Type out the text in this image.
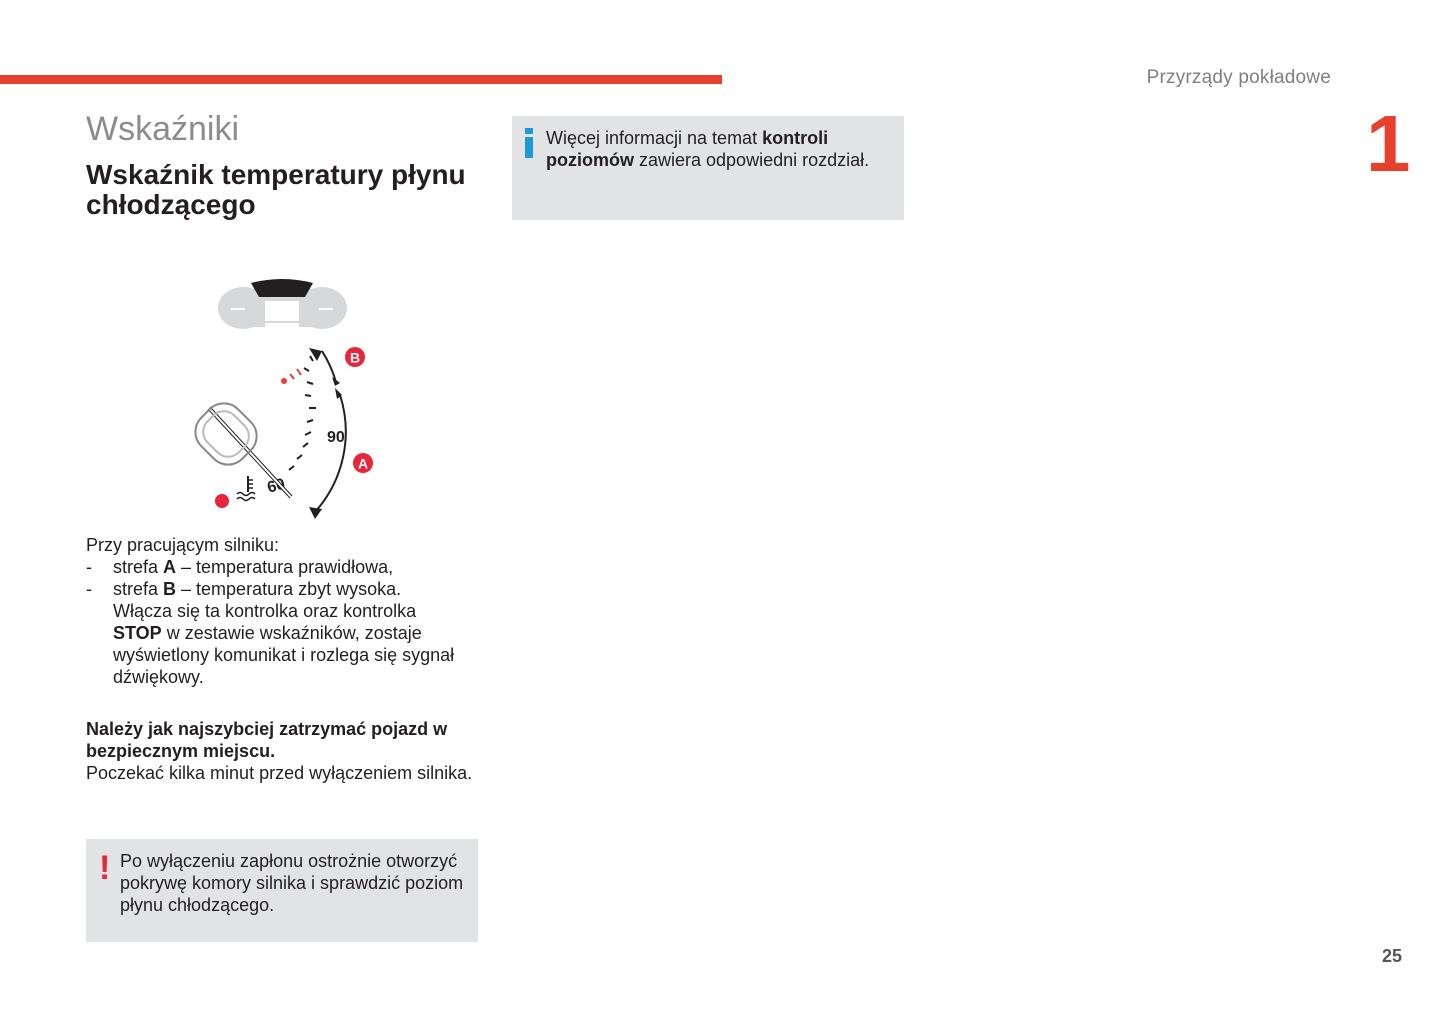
Przyrządy pokładowe
1
Wskaźniki
Wskaźnik temperatury płynu chłodzącego
Więcej informacji na temat kontroli poziomów zawiera odpowiedni rozdział.
90
60
B
A
Przy pracującym silniku:
- strefa A – temperatura prawidłowa,
- strefa B – temperatura zbyt wysoka.
Włącza się ta kontrolka oraz kontrolka STOP w zestawie wskaźników, zostaje wyświetlony komunikat i rozlega się sygnał dźwiękowy.
Należy jak najszybciej zatrzymać pojazd w bezpiecznym miejscu.
Poczekać kilka minut przed wyłączeniem silnika.
! Po wyłączeniu zapłonu ostrożnie otworzyć pokrywę komory silnika i sprawdzić poziom płynu chłodzącego.
25
